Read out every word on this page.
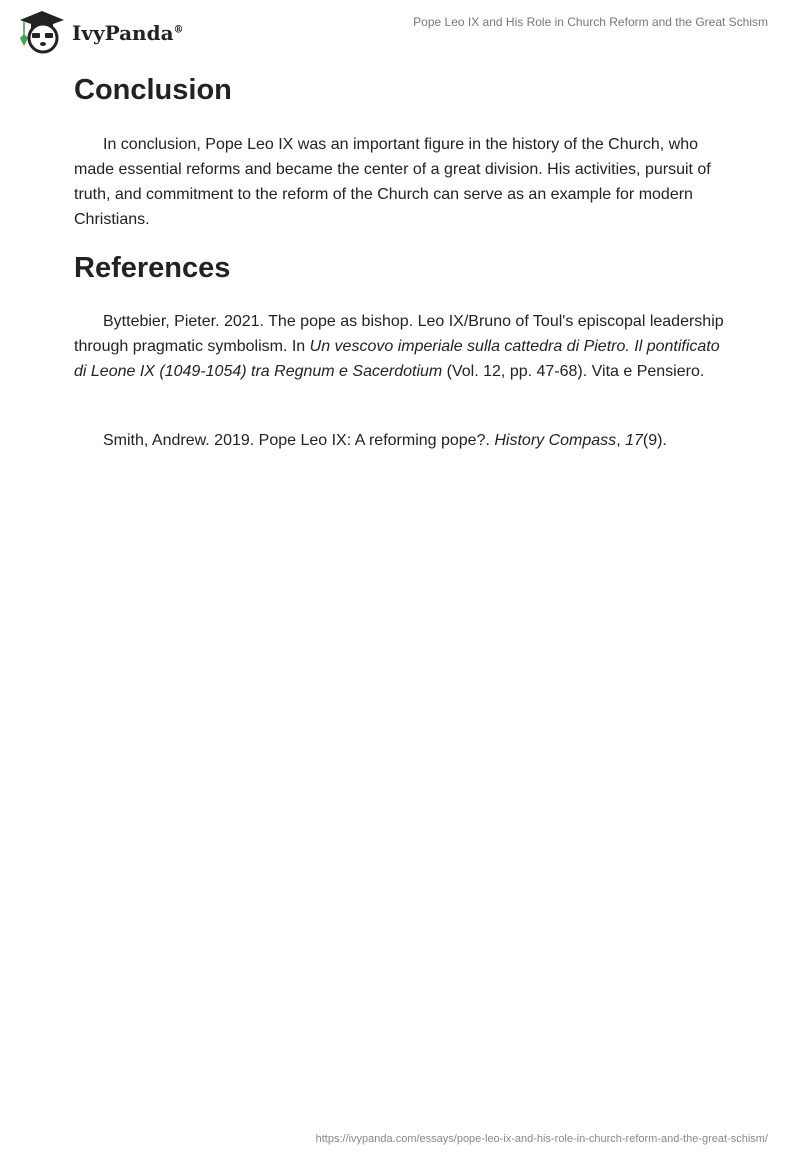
IvyPanda®
Pope Leo IX and His Role in Church Reform and the Great Schism
Conclusion

In conclusion, Pope Leo IX was an important figure in the history of the Church, who made essential reforms and became the center of a great division. His activities, pursuit of truth, and commitment to the reform of the Church can serve as an example for modern Christians.

References

Byttebier, Pieter. 2021. The pope as bishop. Leo IX/Bruno of Toul's episcopal leadership through pragmatic symbolism. In Un vescovo imperiale sulla cattedra di Pietro. Il pontificato di Leone IX (1049-1054) tra Regnum e Sacerdotium (Vol. 12, pp. 47-68). Vita e Pensiero.

Smith, Andrew. 2019. Pope Leo IX: A reforming pope?. History Compass, 17(9).

https://ivypanda.com/essays/pope-leo-ix-and-his-role-in-church-reform-and-the-great-schism/
